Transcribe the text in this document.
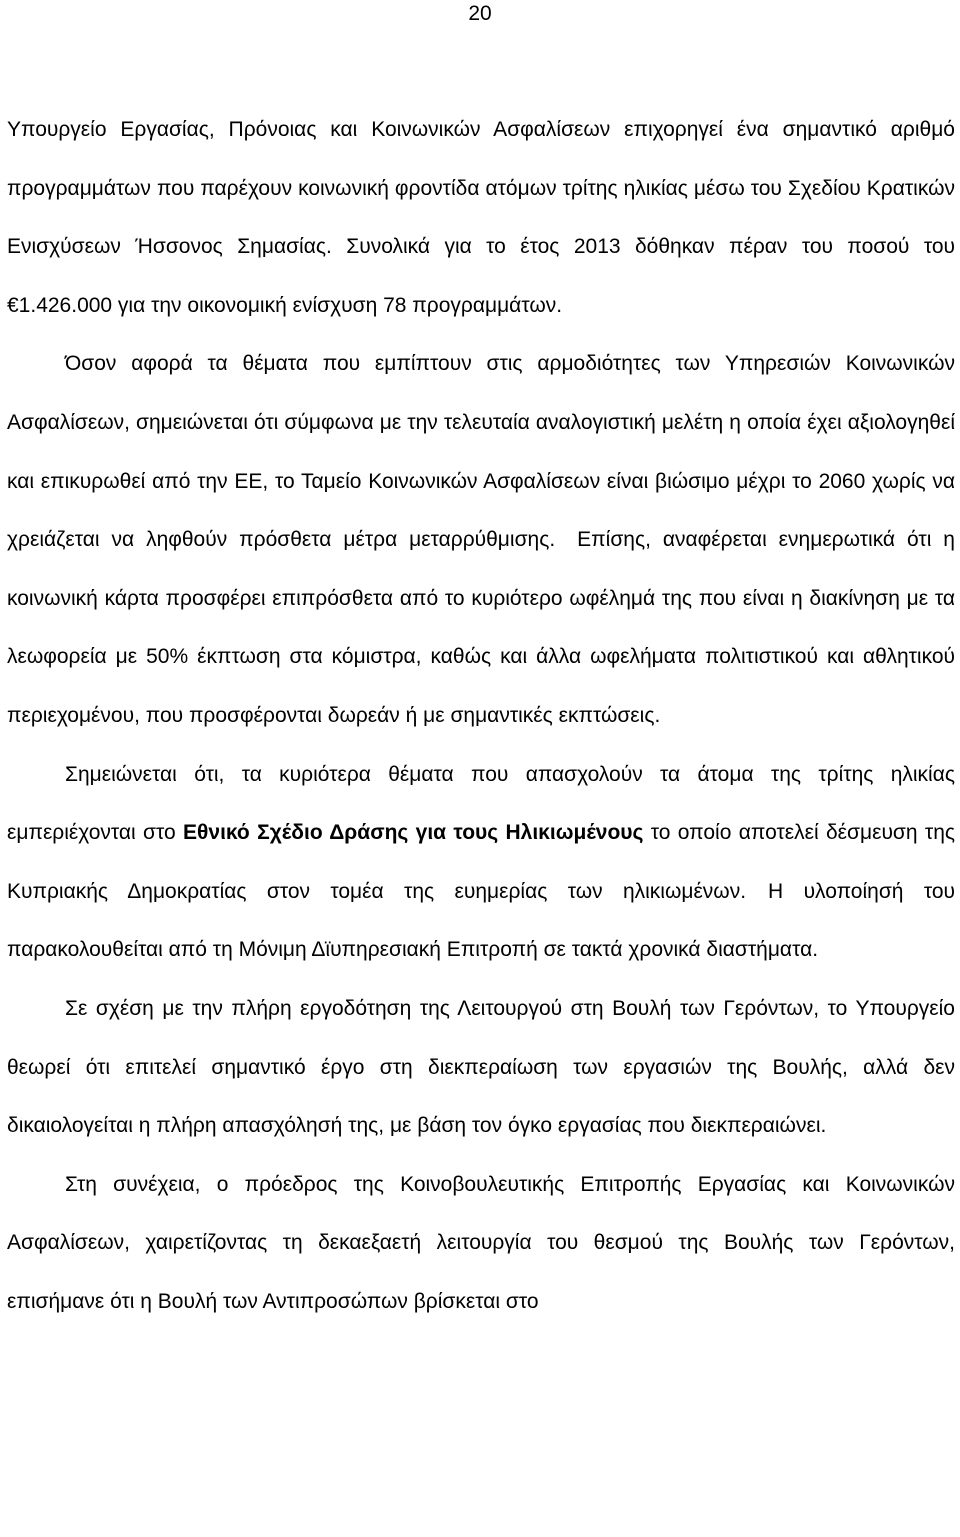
20

Υπουργείο Εργασίας, Πρόνοιας και Κοινωνικών Ασφαλίσεων επιχορηγεί ένα σημαντικό αριθμό προγραμμάτων που παρέχουν κοινωνική φροντίδα ατόμων τρίτης ηλικίας μέσω του Σχεδίου Κρατικών Ενισχύσεων Ήσσονος Σημασίας. Συνολικά για το έτος 2013 δόθηκαν πέραν του ποσού του €1.426.000 για την οικονομική ενίσχυση 78 προγραμμάτων.

Όσον αφορά τα θέματα που εμπίπτουν στις αρμοδιότητες των Υπηρεσιών Κοινωνικών Ασφαλίσεων, σημειώνεται ότι σύμφωνα με την τελευταία αναλογιστική μελέτη η οποία έχει αξιολογηθεί και επικυρωθεί από την ΕΕ, το Ταμείο Κοινωνικών Ασφαλίσεων είναι βιώσιμο μέχρι το 2060 χωρίς να χρειάζεται να ληφθούν πρόσθετα μέτρα μεταρρύθμισης. Επίσης, αναφέρεται ενημερωτικά ότι η κοινωνική κάρτα προσφέρει επιπρόσθετα από το κυριότερο ωφέλημά της που είναι η διακίνηση με τα λεωφορεία με 50% έκπτωση στα κόμιστρα, καθώς και άλλα ωφελήματα πολιτιστικού και αθλητικού περιεχομένου, που προσφέρονται δωρεάν ή με σημαντικές εκπτώσεις.

Σημειώνεται ότι, τα κυριότερα θέματα που απασχολούν τα άτομα της τρίτης ηλικίας εμπεριέχονται στο Εθνικό Σχέδιο Δράσης για τους Ηλικιωμένους το οποίο αποτελεί δέσμευση της Κυπριακής Δημοκρατίας στον τομέα της ευημερίας των ηλικιωμένων. Η υλοποίησή του παρακολουθείται από τη Μόνιμη Δϊυπηρεσιακή Επιτροπή σε τακτά χρονικά διαστήματα.

Σε σχέση με την πλήρη εργοδότηση της Λειτουργού στη Βουλή των Γερόντων, το Υπουργείο θεωρεί ότι επιτελεί σημαντικό έργο στη διεκπεραίωση των εργασιών της Βουλής, αλλά δεν δικαιολογείται η πλήρη απασχόλησή της, με βάση τον όγκο εργασίας που διεκπεραιώνει.

Στη συνέχεια, ο πρόεδρος της Κοινοβουλευτικής Επιτροπής Εργασίας και Κοινωνικών Ασφαλίσεων, χαιρετίζοντας τη δεκαεξαετή λειτουργία του θεσμού της Βουλής των Γερόντων, επισήμανε ότι η Βουλή των Αντιπροσώπων βρίσκεται στο
